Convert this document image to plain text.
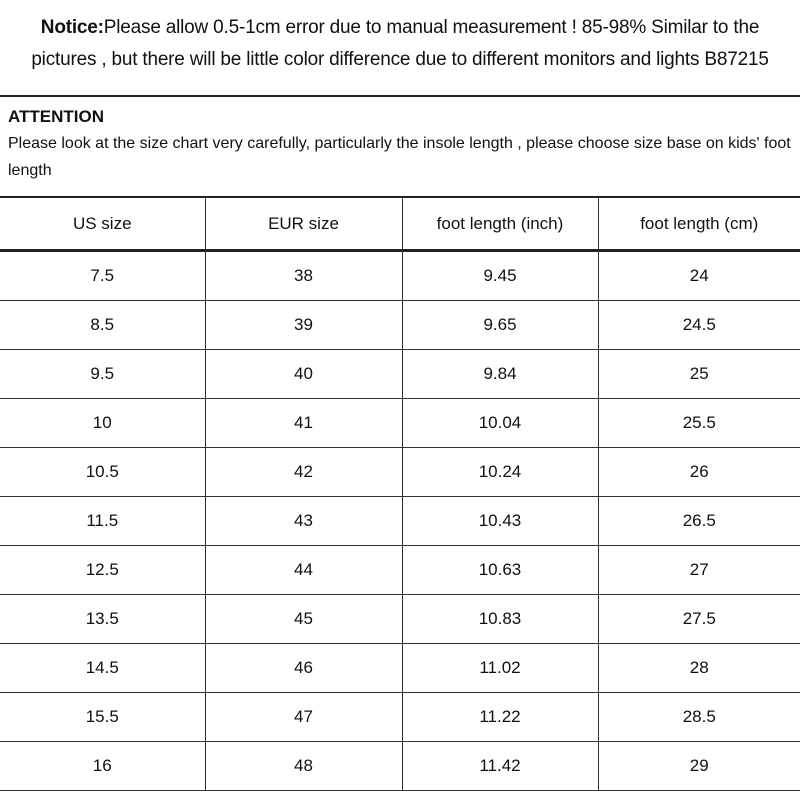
Notice:Please allow 0.5-1cm error due to manual measurement ! 85-98% Similar to the
pictures , but there will be little color difference due to different monitors and lights B87215
ATTENTION
Please look at the size chart very carefully, particularly the insole length , please choose size base on kids' foot length
US size	EUR size	foot length (inch)	foot length (cm)
7.5	38	9.45	24
8.5	39	9.65	24.5
9.5	40	9.84	25
10	41	10.04	25.5
10.5	42	10.24	26
11.5	43	10.43	26.5
12.5	44	10.63	27
13.5	45	10.83	27.5
14.5	46	11.02	28
15.5	47	11.22	28.5
16	48	11.42	29
